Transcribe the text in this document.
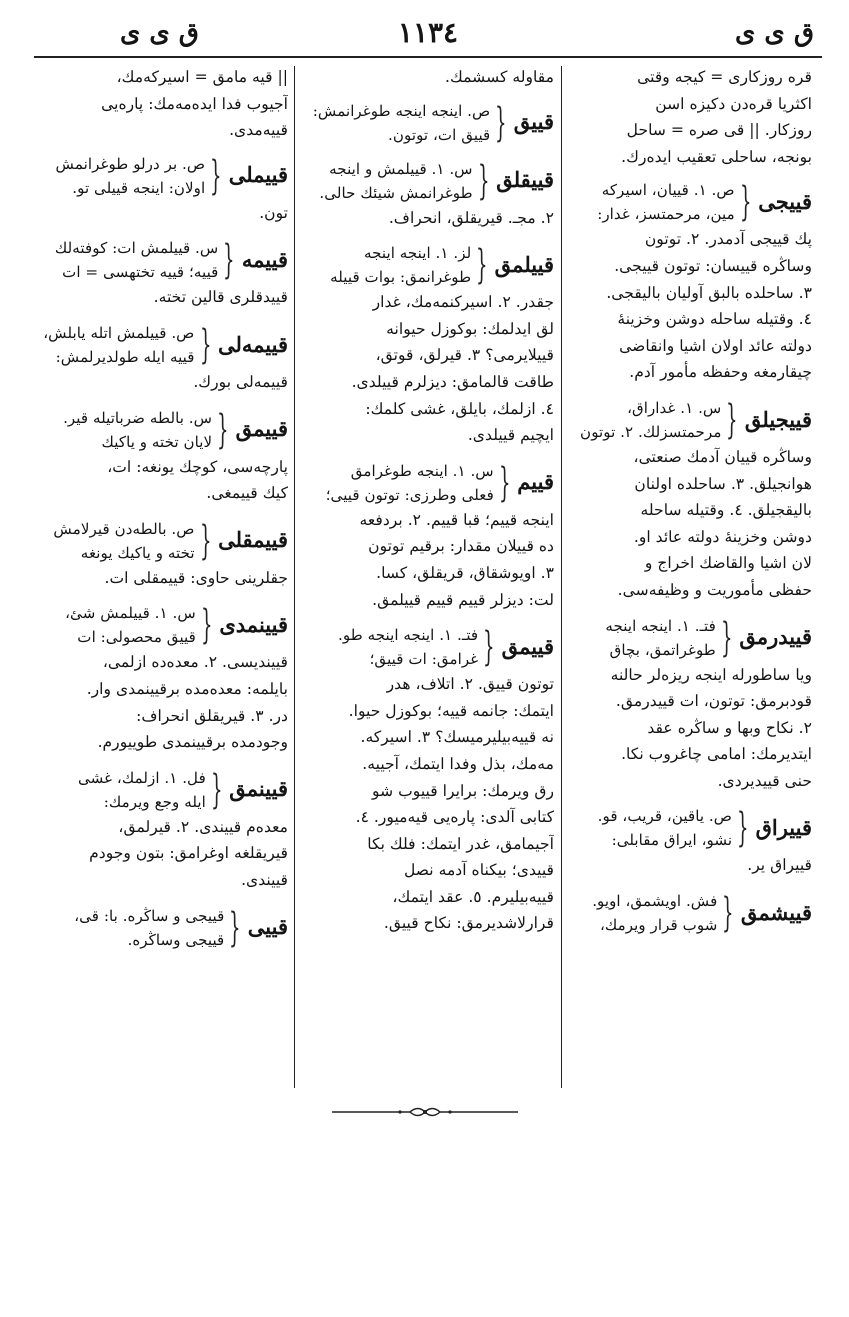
ق ى ى	١١٣٤	ق ى ى
قره روزكارى = كيجه وقتى
اكثريا قره‌دن دكيزه اسن
روزكار. || قى صره = ساحل
بونجه، ساحلى تعقيب ايده‌رك.
قييجى
{
ص. ١. قييان، اسيركه‌
مين، مرحمتسز، غدار:
پك قييجى آدمدر. ٢. توتون
وساڭره قييسان: توتون قييجى.
٣. ساحلده بالبق آوليان باليقجى.
٤. وقتيله ساحله دوشن وخزينهٔ
دولته عائد اولان اشيا وانقاضى
چيقارمغه وحفظه مأمور آدم.
قييجيلق
{
س. ١. غداراق،
مرحمتسزلك. ٢. توتون
وساڭره قييان آدمك صنعتى،
هوانجيلق. ٣. ساحلده اولنان
باليقجيلق. ٤. وقتيله ساحله
دوشن وخزينهٔ دولته عائد او.
لان اشيا والقاضك اخراج و
حفظى مأموريت و وظيفه‌سى.
قييدرمق
{
فتـ. ١. اينجه اينجه
طوغراتمق، بچاق
ويا ساطورله اينجه ريزه‌لر حالنه
قودبرمق: توتون، ات قييدرمق.
٢. نكاح وبها و ساڭره عقد
ايتديرمك: امامى چاغروب نكا.
حنى قييديردى.
قييراق
{
ص. ياقين، قريب، قو.
نشو، ايراق مقابلى:
قييراق ير.
قييشمق
{
فش. اويشمق، اويو.
شوب قرار ويرمك،
مقاوله كسشمك.
قييق
{
ص. اينجه اينجه طوغرانمش:
قييق ات، توتون.
قييقلق
{
س. ١. قييلمش و اينجه
طوغرانمش شيئك حالى.
٢. مجـ. قيريقلق، انحراف.
قييلمق
{
لز. ١. اينجه اينجه
طوغرانمق: بوات قييله‌
جقدر. ٢. اسيركنمه‌مك، غدار
لق ايدلمك: بوكوزل حيوانه
قييلايرمى؟ ٣. قيرلق، قوتق،
طاقت قالمامق: ديزلرم قييلدى.
٤. ازلمك، بايلق، غشى كلمك:
ايچيم قييلدى.
قييم
{
س. ١. اينجه طوغرامق
فعلى وطرزى: توتون قييى؛
اينجه قييم؛ قبا قييم. ٢. بردفعه
ده قييلان مقدار: برقيم توتون
٣. اويوشقاق، قريقلق، كسا.
لت: ديزلر قييم قييم قييلمق.
قييمق
{
فتـ. ١. اينجه اينجه طو.
غرامق: ات قييق؛
توتون قييق. ٢. اتلاف، هدر
ايتمك: جانمه قييه؛ بوكوزل حيوا.
نه قييه‌بيليرميسك؟ ٣. اسيركه.
مه‌مك، بذل وفدا ايتمك، آجييه.
رق ويرمك: برايرا قييوب شو
كتابى آلدى: پاره‌يى قيه‌ميور. ٤.
آجيمامق، غدر ايتمك: فلك بكا
قييدى؛ بيكناه آدمه نصل
قييه‌بيليرم. ٥. عقد ايتمك،
قرارلاشديرمق: نكاح قييق.
|| قيه مامق = اسيركه‌مك،
آجيوب فدا ايده‌مه‌مك: پاره‌يى
قييه‌مدى.
قييملى
{
ص. بر درلو طوغرانمش
اولان: اينجه قييلى تو.
تون.
قييمه
{
س. قييلمش ات: كوفته‌لك
قييه؛ قييه تختهسى = ات
قييدقلرى قالين تخته.
قييمه‌لى
{
ص. قييلمش اتله يابلش،
قييه ايله طولديرلمش:
قييمه‌لى بورك.
قييمق
{
س. بالطه ضرباتيله قير.
لايان تخته و ياكيك
پارچه‌سى، كوچك يونغه: ات،
كيك قييمغى.
قييمقلى
{
ص. بالطه‌دن قيرلامش
تخته و ياكيك يونغه‌
جقلرينى حاوى: قييمقلى ات.
قيينمدى
{
س. ١. قييلمش شئ،
قييق محصولى: ات
قيينديسى. ٢. معده‌ده ازلمى،
بايلمه: معده‌مده برقيينمدى وار.
در. ٣. قيريقلق انحراف:
وجودمده برقيينمدى طوييورم.
قيينمق
{
فل. ١. ازلمك، غشى
ايله وجع ويرمك:
معده‌م قييندى. ٢. قيرلمق،
قيريقلغه اوغرامق: بتون وجودم
قييندى.
قييى
{
قييجى و ساڭره. با: قى،
قييجى وساڭره.
